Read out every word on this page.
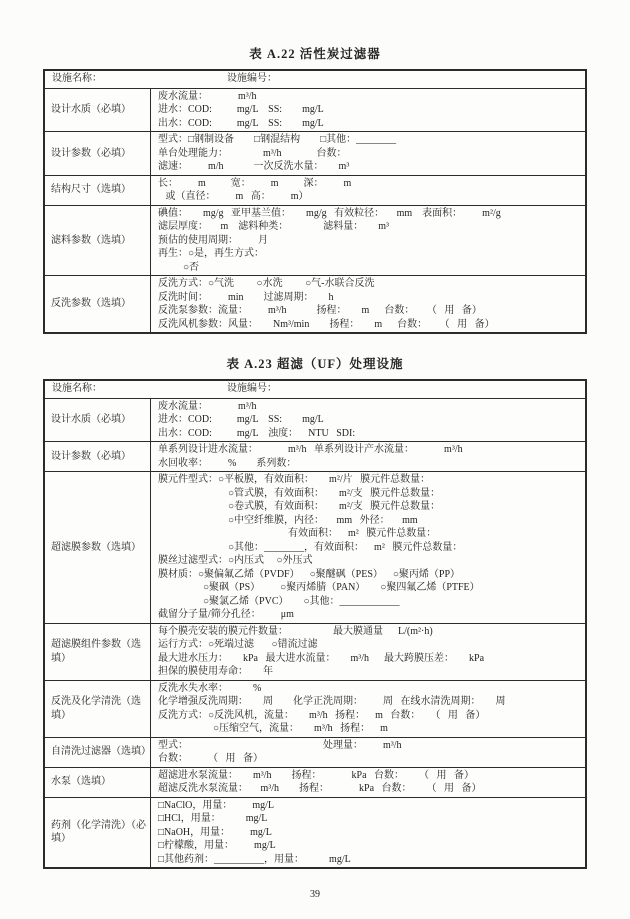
表 A.22 活性炭过滤器
设施名称：                                                  设施编号：
设计水质（必填）
废水流量：            m³/h
进水：COD:          mg/L    SS:        mg/L
出水：COD:          mg/L    SS:        mg/L
设计参数（必填）
型式：□钢制设备        □钢混结构        □其他：________
单台处理能力：              m³/h              台数：
滤速：        m/h            一次反洗水量：      m³
结构尺寸（选填）
长：        m          宽：        m          深：        m
或（直径：        m   高：        m）
滤料参数（选填）
碘值：      mg/g   亚甲基兰值：      mg/g   有效粒径：     mm    表面积：        m²/g
滤层厚度：     m    滤料种类：              滤料量：      m³
预估的使用周期：        月
再生：○是，再生方式：
○否
反洗参数（选填）
反洗方式：○气洗         ○水洗         ○气-水联合反洗
反洗时间：        min        过滤周期：      h
反洗泵参数：流量：        m³/h            扬程：      m      台数：     （   用   备）
反洗风机参数：风量：      Nm³/min        扬程：      m      台数：     （   用   备）
表 A.23 超滤（UF）处理设施
设施名称：                                                  设施编号：
设计水质（必填）
废水流量：            m³/h
进水：COD:          mg/L    SS:        mg/L
出水：COD:          mg/L    浊度：    NTU   SDI:
设计参数（必填）
单系列设计进水流量：            m³/h   单系列设计产水流量：            m³/h
水回收率：        %        系列数：
超滤膜参数（选填）
膜元件型式：○平板膜，有效面积：      m²/片   膜元件总数量：
○管式膜，有效面积：      m²/支   膜元件总数量：
○卷式膜，有效面积：      m²/支   膜元件总数量：
○中空纤维膜，内径：     mm   外径：     mm
有效面积：    m²   膜元件总数量：
○其他：________，有效面积：    m²   膜元件总数量：
膜丝过滤型式：○内压式     ○外压式
膜材质：○聚偏氟乙烯（PVDF）    ○聚醚砜（PES）    ○聚丙烯（PP）
○聚砜（PS）        ○聚丙烯腈（PAN）      ○聚四氟乙烯（PTFE）
○聚氯乙烯（PVC）      ○其他：____________
截留分子量/筛分孔径：        μm
超滤膜组件参数（选填）
每个膜壳安装的膜元件数量：                  最大膜通量      L/(m²·h)
运行方式：○死端过滤       ○错流过滤
最大进水压力：      kPa   最大进水流量：      m³/h      最大跨膜压差：      kPa
担保的膜使用寿命：      年
反洗及化学清洗（选填）
反洗水失水率：          %
化学增强反洗周期：      周        化学正洗周期：        周   在线水清洗周期：      周
反洗方式：○反洗风机，流量：      m³/h   扬程：    m   台数：    （   用   备）
○压缩空气，流量：      m³/h   扬程：    m
自清洗过滤器（选填）
型式：                                                      处理量：        m³/h
台数：        （   用   备）
水泵（选填）
超滤进水泵流量：      m³/h        扬程：            kPa   台数：      （   用   备）
超滤反洗水泵流量：     m³/h        扬程：            kPa   台数：      （   用   备）
药剂（化学清洗）（必填）
□NaClO，用量：        mg/L
□HCl，用量：          mg/L
□NaOH，用量：        mg/L
□柠檬酸，用量：        mg/L
□其他药剂：__________，用量：          mg/L
39
